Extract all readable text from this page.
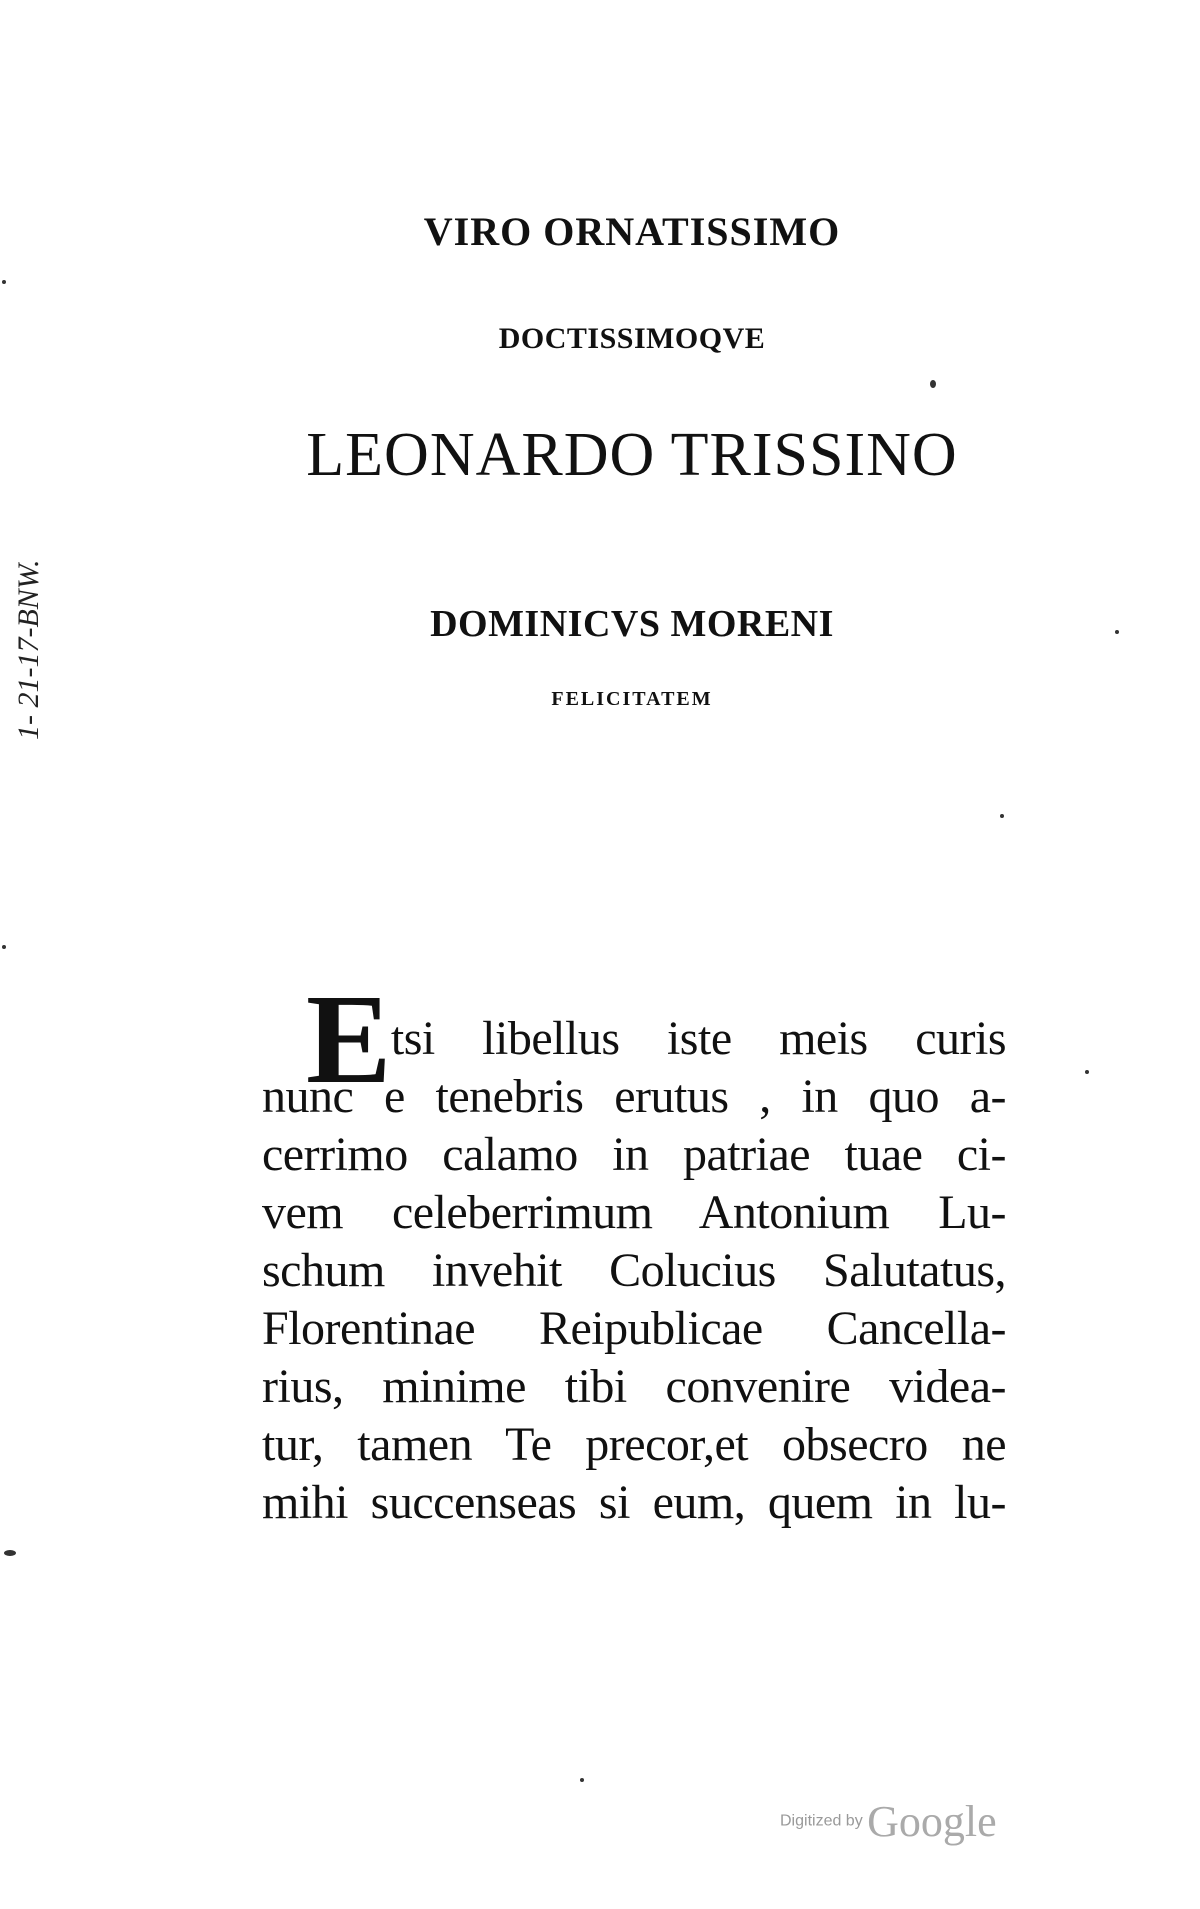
VIRO ORNATISSIMO
DOCTISSIMOQVE
LEONARDO TRISSINO
DOMINICVS MORENI
FELICITATEM
E tsi libellus iste meis curis
nunc e tenebris erutus , in quo a-
cerrimo calamo in patriae tuae ci-
vem celeberrimum Antonium Lu-
schum invehit Colucius Salutatus,
Florentinae Reipublicae Cancella-
rius, minime tibi convenire videa-
tur, tamen Te precor,et obsecro ne
mihi succenseas si eum, quem in lu-
1- 21-17-BNW.
Digitized by Google
